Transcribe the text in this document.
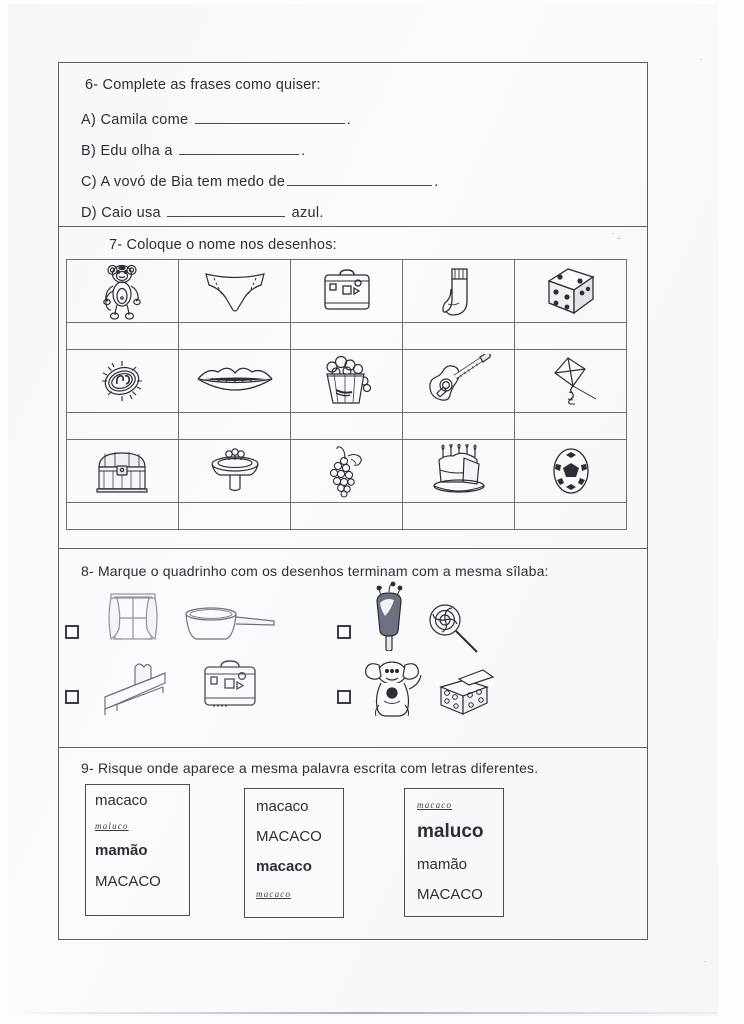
˙ ˗
˙
˙
6- Complete as frases como quiser:
A) Camila come	.
B) Edu olha a	.
C) A vovó de Bia tem medo de	.
D) Caio usa	azul.
7- Coloque o nome nos desenhos:

8- Marque o quadrinho com os desenhos terminam com a mesma sîlaba:
9- Risque onde aparece a mesma palavra escrita com letras diferentes.
macaco
maluco
mamão
MACACO
macaco
MACACO
macaco
macaco
macaco
maluco
mamão
MACACO
